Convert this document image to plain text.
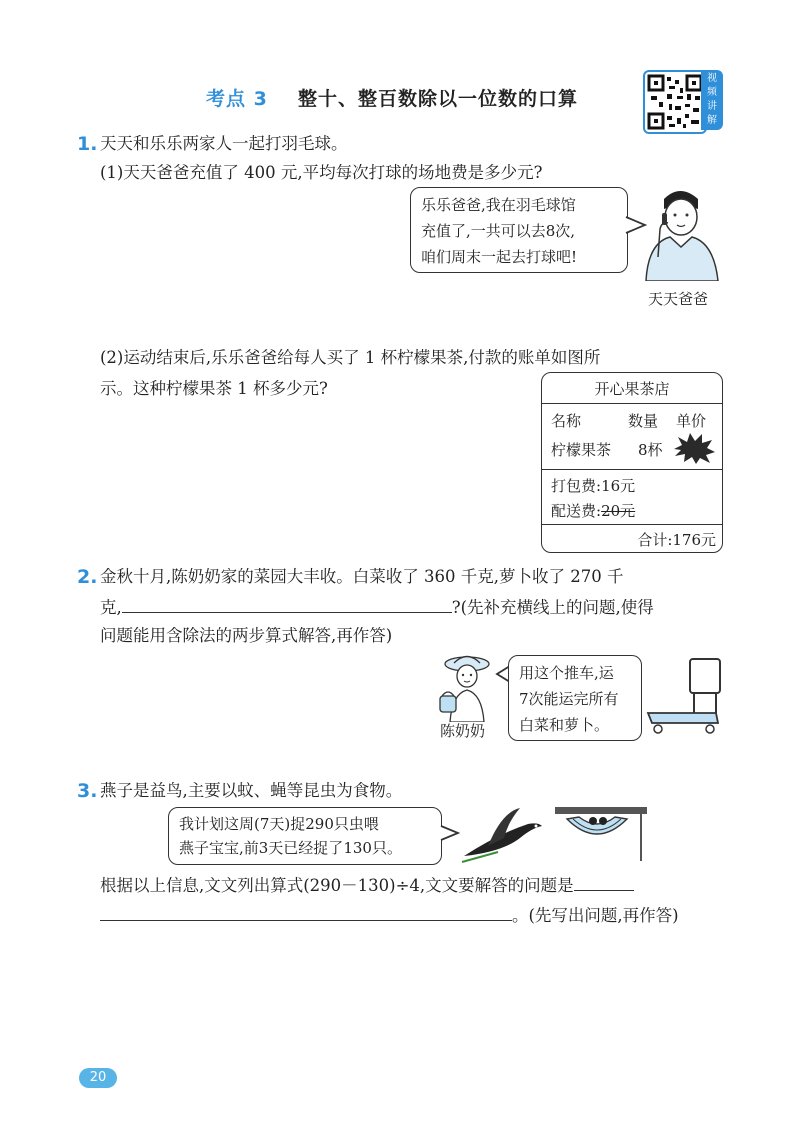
考点 3 整十、整百数除以一位数的口算
视
频
讲
解
1. 天天和乐乐两家人一起打羽毛球。
(1)天天爸爸充值了 400 元,平均每次打球的场地费是多少元?
乐乐爸爸,我在羽毛球馆
充值了,一共可以去8次,
咱们周末一起去打球吧!
天天爸爸
(2)运动结束后,乐乐爸爸给每人买了 1 杯柠檬果茶,付款的账单如图所
示。这种柠檬果茶 1 杯多少元?	开心果茶店
名称	数量 单价
柠檬果茶 8杯
打包费:16元
配送费:20元
合计:176元
2. 金秋十月,陈奶奶家的菜园大丰收。白菜收了 360 千克,萝卜收了 270 千
克,	?(先补充横线上的问题,使得
问题能用含除法的两步算式解答,再作答)
陈奶奶
用这个推车,运
7次能运完所有
白菜和萝卜。
3. 燕子是益鸟,主要以蚊、蝇等昆虫为食物。
我计划这周(7天)捉290只虫喂
燕子宝宝,前3天已经捉了130只。
根据以上信息,文文列出算式(290－130)÷4,文文要解答的问题是
。(先写出问题,再作答)
20
